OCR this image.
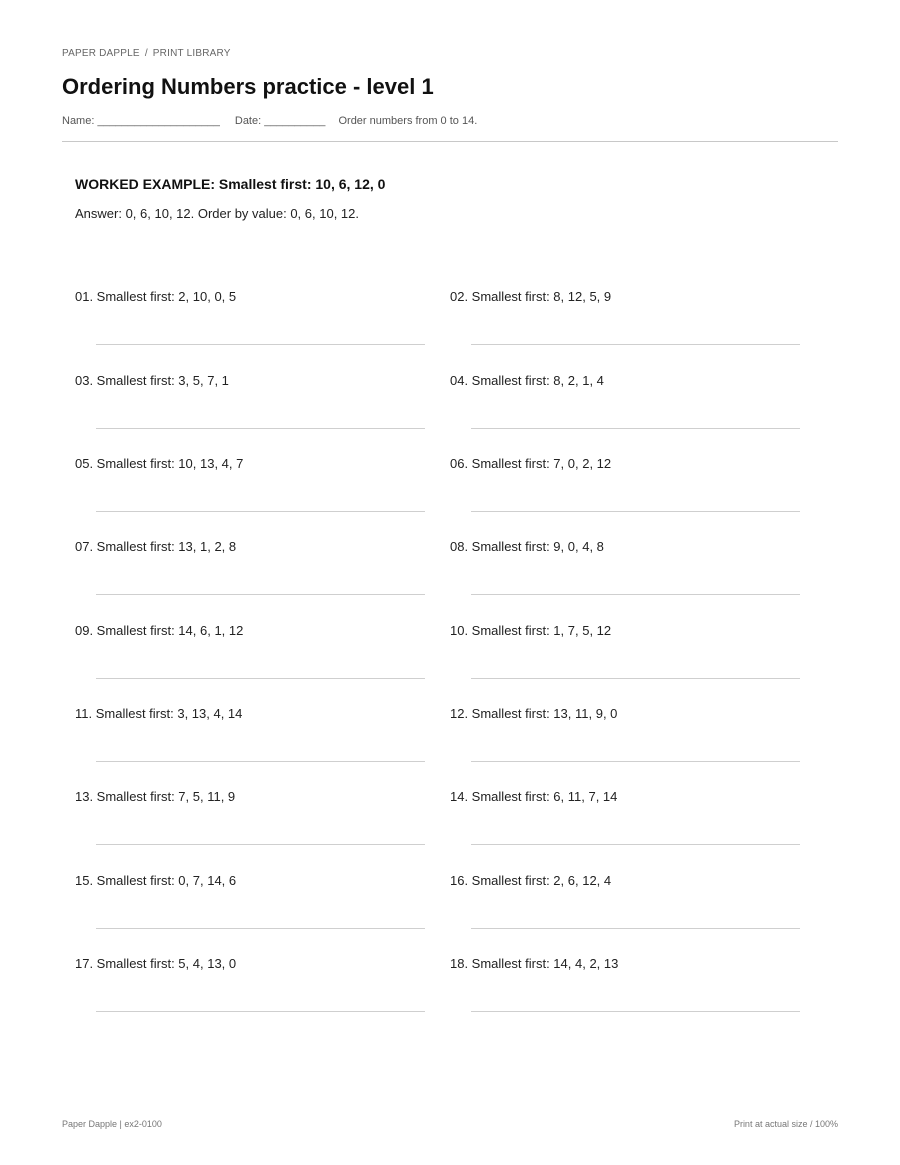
PAPER DAPPLE / PRINT LIBRARY
Ordering Numbers practice - level 1
Name: ____________________ Date: __________ Order numbers from 0 to 14.
WORKED EXAMPLE: Smallest first: 10, 6, 12, 0
Answer: 0, 6, 10, 12. Order by value: 0, 6, 10, 12.
01. Smallest first: 2, 10, 0, 5	02. Smallest first: 8, 12, 5, 9
03. Smallest first: 3, 5, 7, 1	04. Smallest first: 8, 2, 1, 4
05. Smallest first: 10, 13, 4, 7	06. Smallest first: 7, 0, 2, 12
07. Smallest first: 13, 1, 2, 8	08. Smallest first: 9, 0, 4, 8
09. Smallest first: 14, 6, 1, 12	10. Smallest first: 1, 7, 5, 12
11. Smallest first: 3, 13, 4, 14	12. Smallest first: 13, 11, 9, 0
13. Smallest first: 7, 5, 11, 9	14. Smallest first: 6, 11, 7, 14
15. Smallest first: 0, 7, 14, 6	16. Smallest first: 2, 6, 12, 4
17. Smallest first: 5, 4, 13, 0	18. Smallest first: 14, 4, 2, 13
Paper Dapple | ex2-0100	Print at actual size / 100%
